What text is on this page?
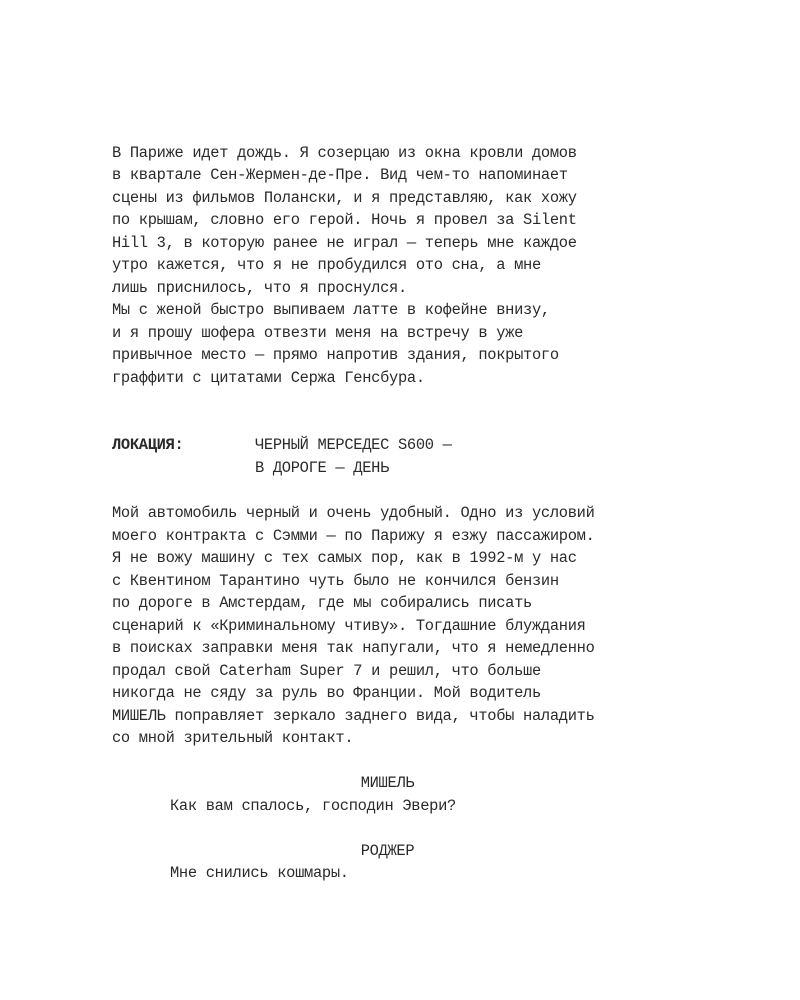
В Париже идет дождь. Я созерцаю из окна кровли домов
в квартале Сен-Жермен-де-Пре. Вид чем-то напоминает
сцены из фильмов Полански, и я представляю, как хожу
по крышам, словно его герой. Ночь я провел за Silent
Hill 3, в которую ранее не играл — теперь мне каждое
утро кажется, что я не пробудился ото сна, а мне
лишь приснилось, что я проснулся.
Мы с женой быстро выпиваем латте в кофейне внизу,
и я прошу шофера отвезти меня на встречу в уже
привычное место — прямо напротив здания, покрытого
граффити с цитатами Сержа Генсбура.
ЛОКАЦИЯ:	ЧЕРНЫЙ МЕРСЕДЕС S600 —
В ДОРОГЕ — ДЕНЬ
Мой автомобиль черный и очень удобный. Одно из условий
моего контракта с Сэмми — по Парижу я езжу пассажиром.
Я не вожу машину с тех самых пор, как в 1992-м у нас
с Квентином Тарантино чуть было не кончился бензин
по дороге в Амстердам, где мы собирались писать
сценарий к «Криминальному чтиву». Тогдашние блуждания
в поисках заправки меня так напугали, что я немедленно
продал свой Caterham Super 7 и решил, что больше
никогда не сяду за руль во Франции. Мой водитель
МИШЕЛЬ поправляет зеркало заднего вида, чтобы наладить
со мной зрительный контакт.
МИШЕЛЬ
Как вам спалось, господин Эвери?
РОДЖЕР
Мне снились кошмары.
